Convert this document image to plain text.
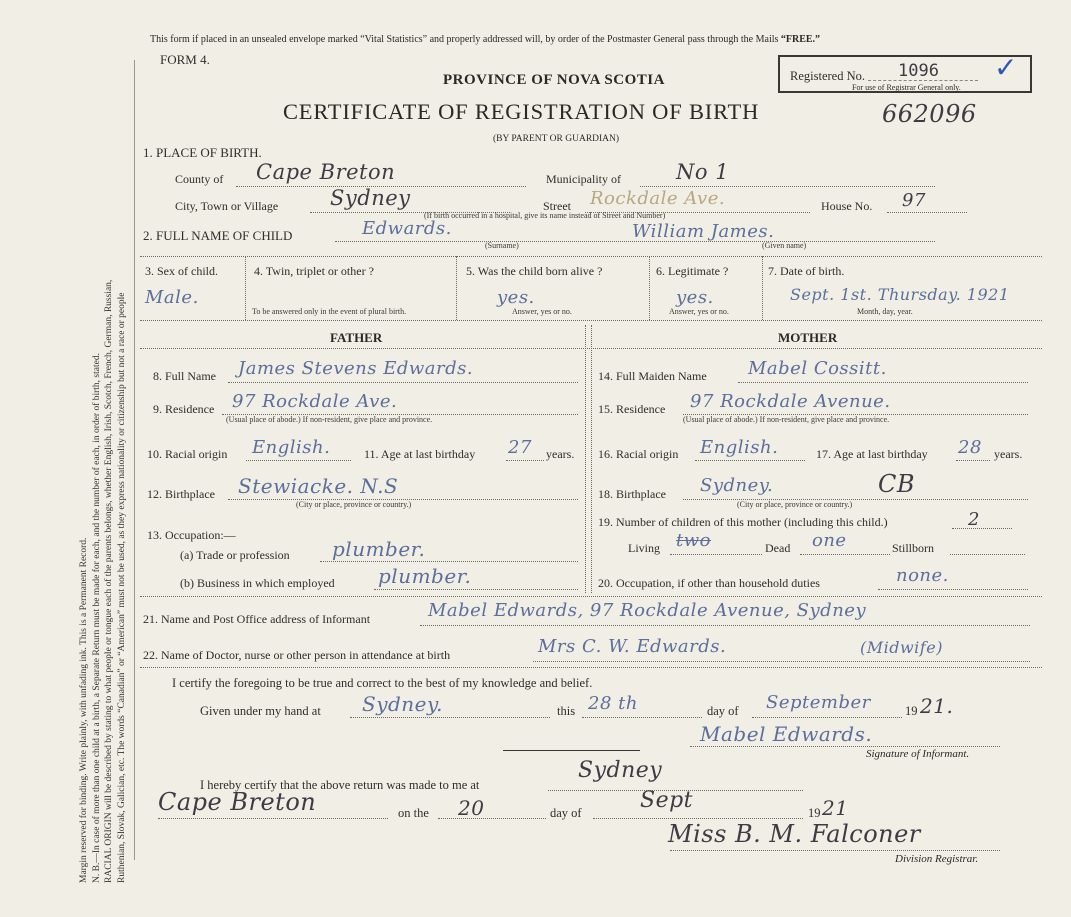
Margin reserved for binding. Write plainly, with unfading ink. This is a Permanent Record. N. B.—In case of more than one child at a birth, a Separate Return must be made for each, and the number of each, in order of birth, stated. RACIAL ORIGIN will be described by stating to what people or tongue each of the parents belongs, whether English, Irish, Scotch, French, German, Russian, Ruthenian, Slovak, Galician, etc. The words “Canadian” or “American” must not be used, as they express nationality or citizenship but not a race or people
This form if placed in an unsealed envelope marked “Vital Statistics” and properly addressed will, by order of the Postmaster General pass through the Mails “FREE.”
FORM 4.
PROVINCE OF NOVA SCOTIA
CERTIFICATE OF REGISTRATION OF BIRTH	662096
(BY PARENT OR GUARDIAN)
Registered No. 1096
For use of Registrar General only.
✓
1. PLACE OF BIRTH.
County of Cape Breton	Municipality of	No 1
City, Town or Village Sydney	Street Rockdale Ave.	House No. 97
(If birth occurred in a hospital, give its name instead of Street and Number)
2. FULL NAME OF CHILD	Edwards.
(Surname)
William James.
(Given name)
3. Sex of child.
Male.
4. Twin, triplet or other ?
To be answered only in the event of plural birth.
5. Was the child born alive ?
yes.
Answer, yes or no.
6. Legitimate ?
yes.
Answer, yes or no.
7. Date of birth.
Sept. 1st. Thursday. 1921
Month, day, year.
FATHER	MOTHER
8. Full Name James Stevens Edwards.
9. Residence 97 Rockdale Ave.
(Usual place of abode.) If non-resident, give place and province.
10. Racial origin English.	11. Age at last birthday 27 years.
12. Birthplace Stewiacke. N.S
(City or place, province or country.)
13. Occupation:—
(a) Trade or profession plumber.
(b) Business in which employed plumber.
14. Full Maiden Name Mabel Cossitt.
15. Residence 97 Rockdale Avenue.
(Usual place of abode.) If non-resident, give place and province.
16. Racial origin English.	17. Age at last birthday 28 years.
18. Birthplace Sydney.	CB
(City or place, province or country.)
19. Number of children of this mother (including this child.)	2
Living two	Dead one	Stillborn
20. Occupation, if other than household duties	none.
21. Name and Post Office address of Informant	Mabel Edwards, 97 Rockdale Avenue, Sydney
22. Name of Doctor, nurse or other person in attendance at birth	Mrs C. W. Edwards.	(Midwife)
I certify the foregoing to be true and correct to the best of my knowledge and belief.
Given under my hand at Sydney.	this 28 th	day of September	19 21.
Mabel Edwards.
Signature of Informant.
I hereby certify that the above return was made to me at
Sydney
Cape Breton	on the 20	day of	Sept	19 21
Miss B. M. Falconer
Division Registrar.
